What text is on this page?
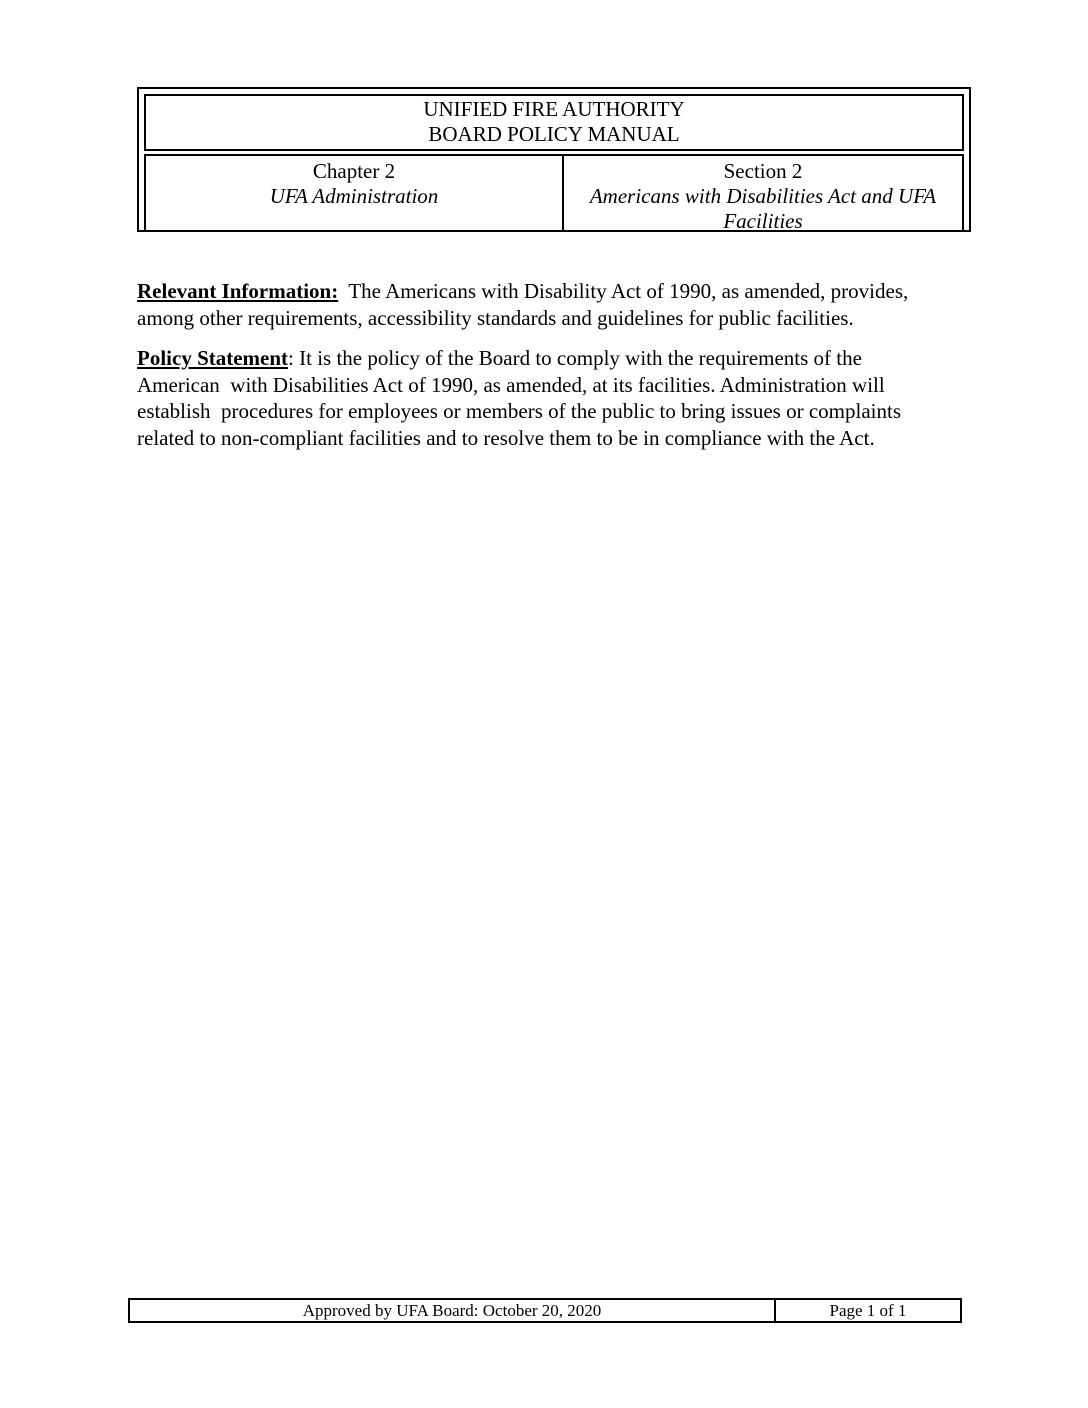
UNIFIED FIRE AUTHORITY
BOARD POLICY MANUAL
Chapter 2
UFA Administration
Section 2
Americans with Disabilities Act and UFA
Facilities

Relevant Information:  The Americans with Disability Act of 1990, as amended, provides, among other requirements, accessibility standards and guidelines for public facilities.

Policy Statement: It is the policy of the Board to comply with the requirements of the American  with Disabilities Act of 1990, as amended, at its facilities. Administration will establish  procedures for employees or members of the public to bring issues or complaints related to non-compliant facilities and to resolve them to be in compliance with the Act.

Approved by UFA Board: October 20, 2020	Page 1 of 1
